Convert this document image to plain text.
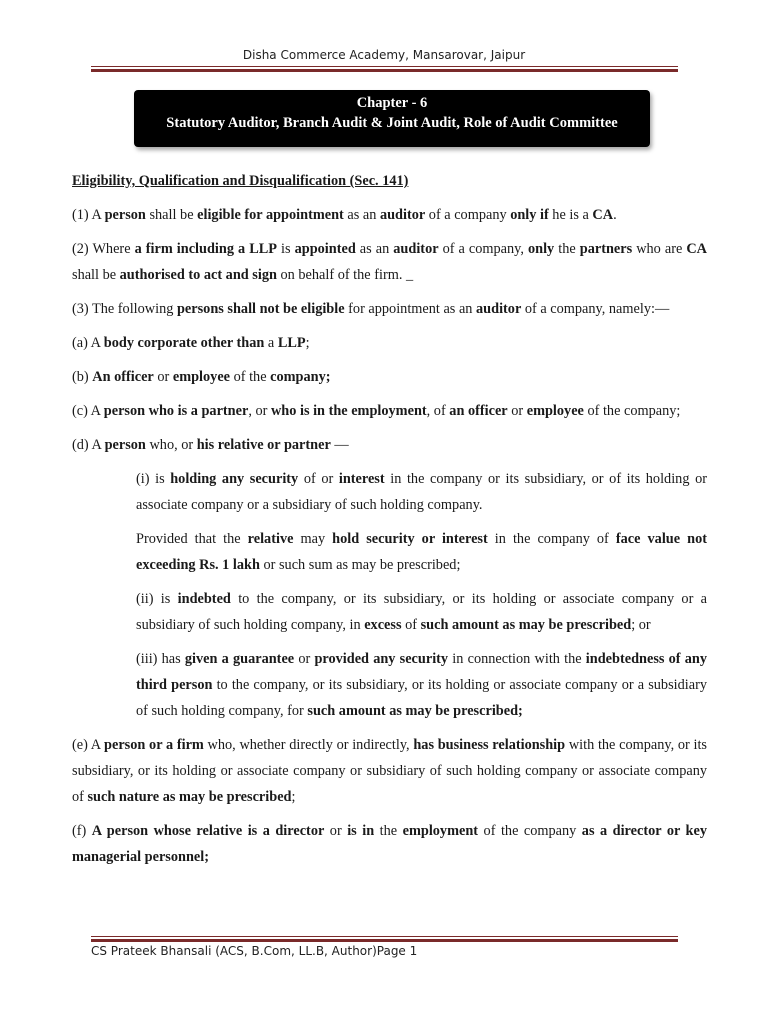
Disha Commerce Academy, Mansarovar, Jaipur
Chapter - 6
Statutory Auditor, Branch Audit & Joint Audit, Role of Audit Committee

Eligibility, Qualification and Disqualification (Sec. 141)

(1) A person shall be eligible for appointment as an auditor of a company only if he is a CA.

(2) Where a firm including a LLP is appointed as an auditor of a company, only the partners who are CA shall be authorised to act and sign on behalf of the firm. _

(3) The following persons shall not be eligible for appointment as an auditor of a company, namely:—

(a) A body corporate other than a LLP;

(b) An officer or employee of the company;

(c) A person who is a partner, or who is in the employment, of an officer or employee of the company;

(d) A person who, or his relative or partner —

(i) is holding any security of or interest in the company or its subsidiary, or of its holding or associate company or a subsidiary of such holding company.

Provided that the relative may hold security or interest in the company of face value not exceeding Rs. 1 lakh or such sum as may be prescribed;

(ii) is indebted to the company, or its subsidiary, or its holding or associate company or a subsidiary of such holding company, in excess of such amount as may be prescribed; or

(iii) has given a guarantee or provided any security in connection with the indebtedness of any third person to the company, or its subsidiary, or its holding or associate company or a subsidiary of such holding company, for such amount as may be prescribed;

(e) A person or a firm who, whether directly or indirectly, has business relationship with the company, or its subsidiary, or its holding or associate company or subsidiary of such holding company or associate company of such nature as may be prescribed;

(f) A person whose relative is a director or is in the employment of the company as a director or key managerial personnel;

CS Prateek Bhansali (ACS, B.Com, LL.B, Author)Page 1
